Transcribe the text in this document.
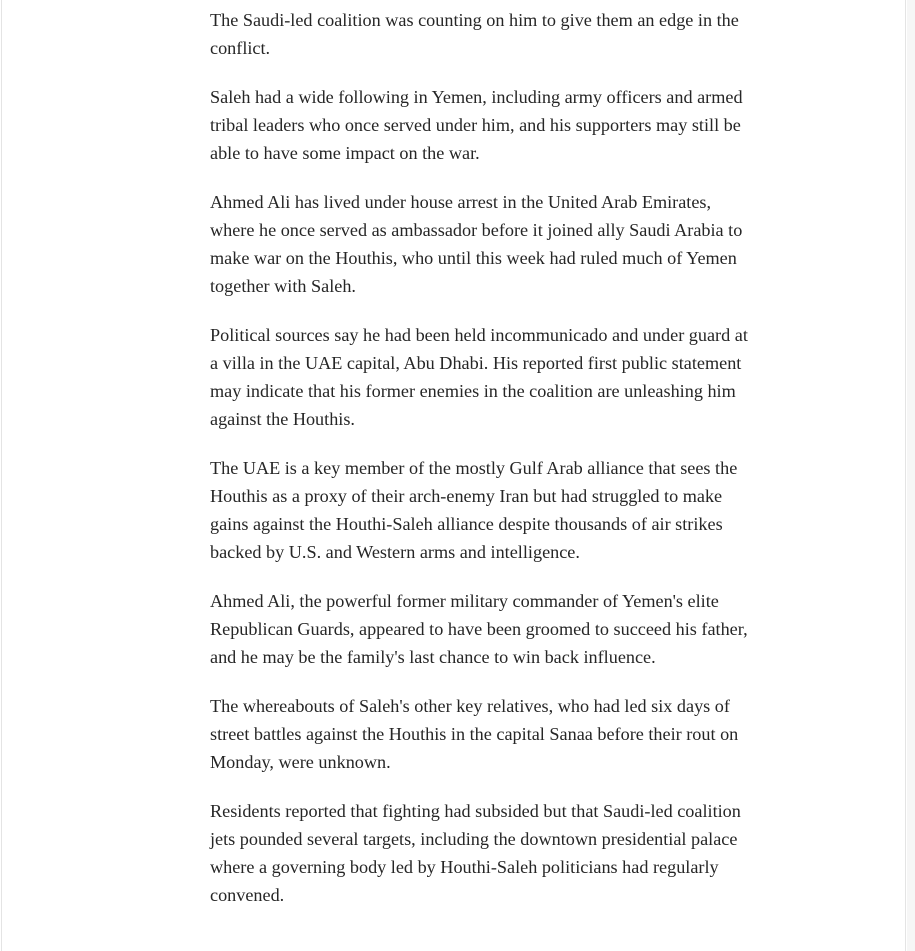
The Saudi-led coalition was counting on him to give them an edge in the conflict.

Saleh had a wide following in Yemen, including army officers and armed tribal leaders who once served under him, and his supporters may still be able to have some impact on the war.

Ahmed Ali has lived under house arrest in the United Arab Emirates, where he once served as ambassador before it joined ally Saudi Arabia to make war on the Houthis, who until this week had ruled much of Yemen together with Saleh.

Political sources say he had been held incommunicado and under guard at a villa in the UAE capital, Abu Dhabi. His reported first public statement may indicate that his former enemies in the coalition are unleashing him against the Houthis.

The UAE is a key member of the mostly Gulf Arab alliance that sees the Houthis as a proxy of their arch-enemy Iran but had struggled to make gains against the Houthi-Saleh alliance despite thousands of air strikes backed by U.S. and Western arms and intelligence.

Ahmed Ali, the powerful former military commander of Yemen's elite Republican Guards, appeared to have been groomed to succeed his father, and he may be the family's last chance to win back influence.

The whereabouts of Saleh's other key relatives, who had led six days of street battles against the Houthis in the capital Sanaa before their rout on Monday, were unknown.

Residents reported that fighting had subsided but that Saudi-led coalition jets pounded several targets, including the downtown presidential palace where a governing body led by Houthi-Saleh politicians had regularly convened.
